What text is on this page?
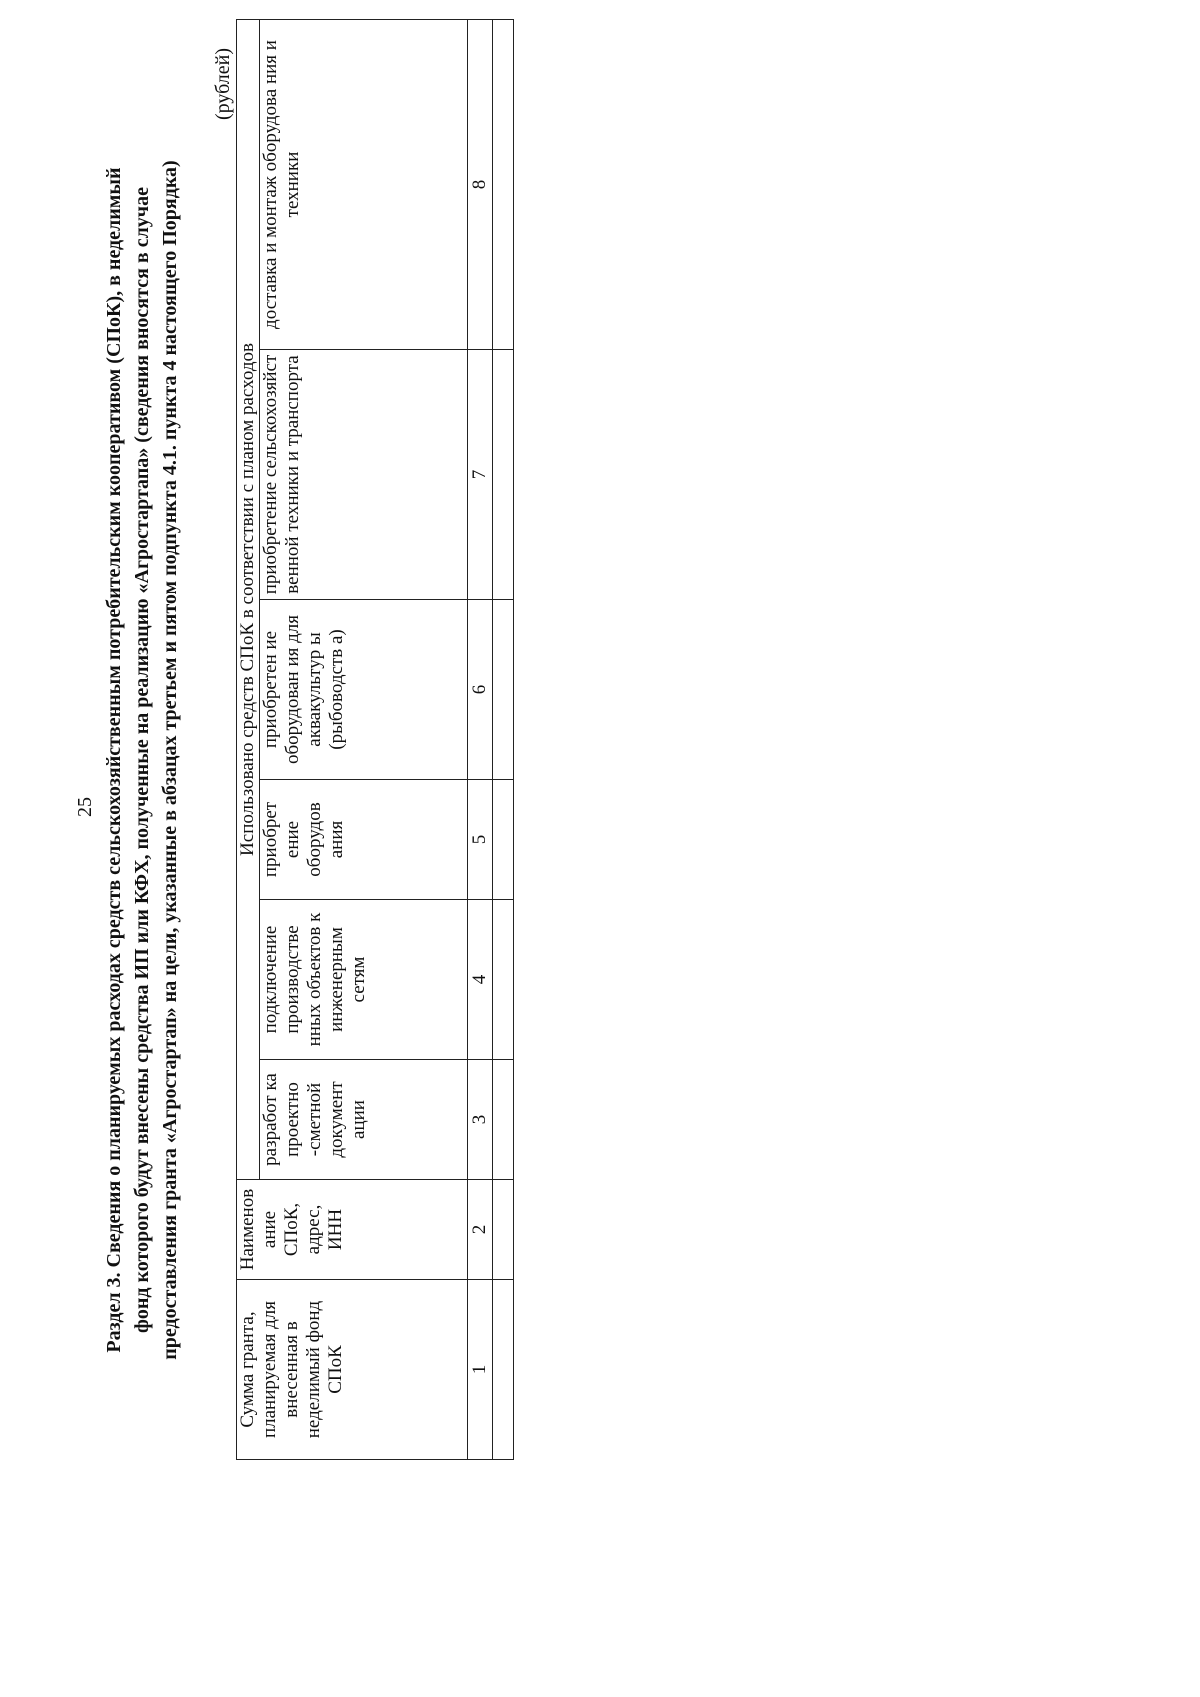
25 Раздел 3. Сведения о планируемых расходах средств сельскохозяйственным потребительским кооперативом (СПоК), в неделимый фонд которого будут внесены средства ИП или КФХ, полученные на реализацию «Агростартапа» (сведения вносятся в случае предоставления гранта «Агростартап» на цели, указанные в абзацах третьем и пятом подпункта 4.1. пункта 4 настоящего Порядка)
(рублей)
Сумма гранта, планируемая для внесенная в неделимый фонд СПоК	Наименов ание СПоК, адрес, ИНН	Использовано средств СПоК в соответствии с планом расходов					
		разработ ка проектно -сметной документ ации	подключение производстве нных объектов к инженерным сетям	приобрет ение оборудов ания	приобретен ие оборудован ия для аквакультур ы (рыбоводств а)	приобретение сельскохозяйст венной техники и транспорта	доставка и монтаж оборудова ния и техники
1	2	3	4	5	6	7	8
